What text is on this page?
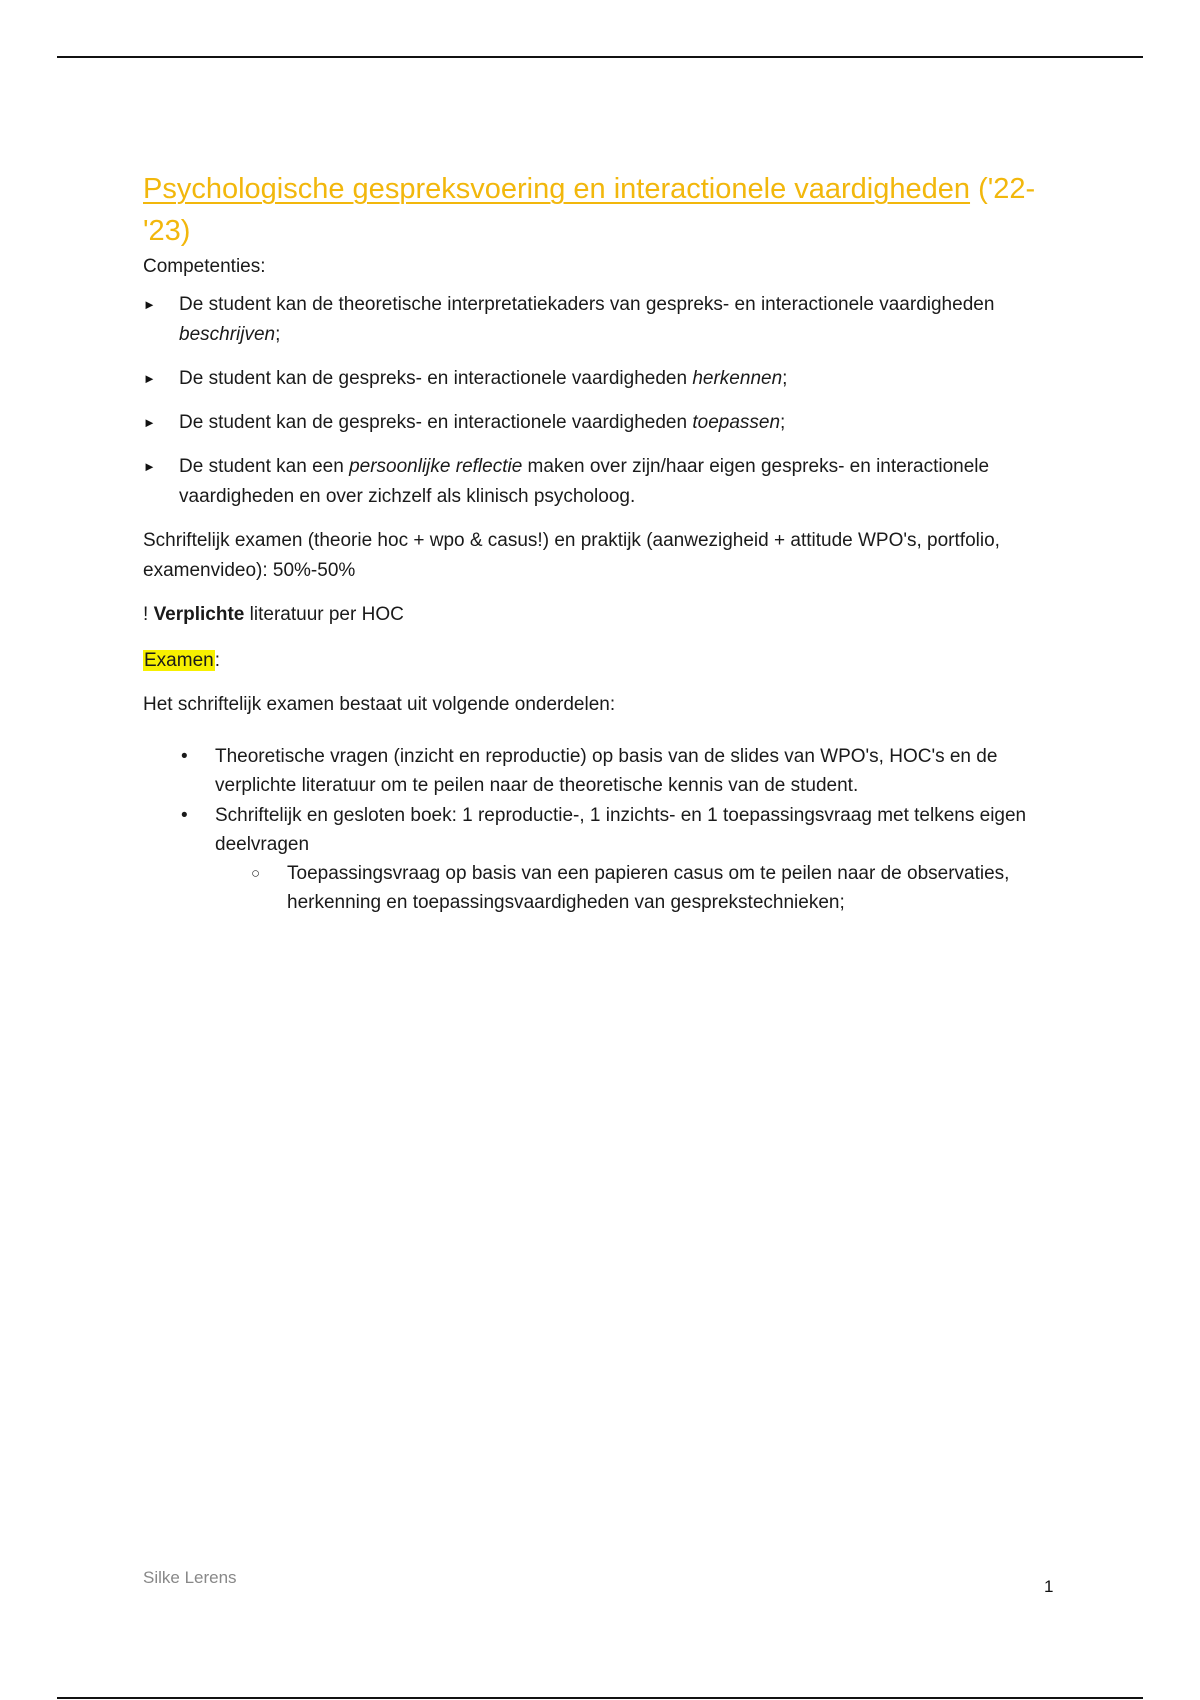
Psychologische gespreksvoering en interactionele vaardigheden ('22-'23)

Competenties:

► De student kan de theoretische interpretatiekaders van gespreks- en interactionele vaardigheden beschrijven;
► De student kan de gespreks- en interactionele vaardigheden herkennen;
► De student kan de gespreks- en interactionele vaardigheden toepassen;
► De student kan een persoonlijke reflectie maken over zijn/haar eigen gespreks- en interactionele vaardigheden en over zichzelf als klinisch psycholoog.

Schriftelijk examen (theorie hoc + wpo & casus!) en praktijk (aanwezigheid + attitude WPO's, portfolio, examenvideo): 50%-50%

! Verplichte literatuur per HOC

Examen:

Het schriftelijk examen bestaat uit volgende onderdelen:

• Theoretische vragen (inzicht en reproductie) op basis van de slides van WPO's, HOC's en de verplichte literatuur om te peilen naar de theoretische kennis van de student.
• Schriftelijk en gesloten boek: 1 reproductie-, 1 inzichts- en 1 toepassingsvraag met telkens eigen deelvragen
○ Toepassingsvraag op basis van een papieren casus om te peilen naar de observaties, herkenning en toepassingsvaardigheden van gesprekstechnieken;
Silke Lerens	1
